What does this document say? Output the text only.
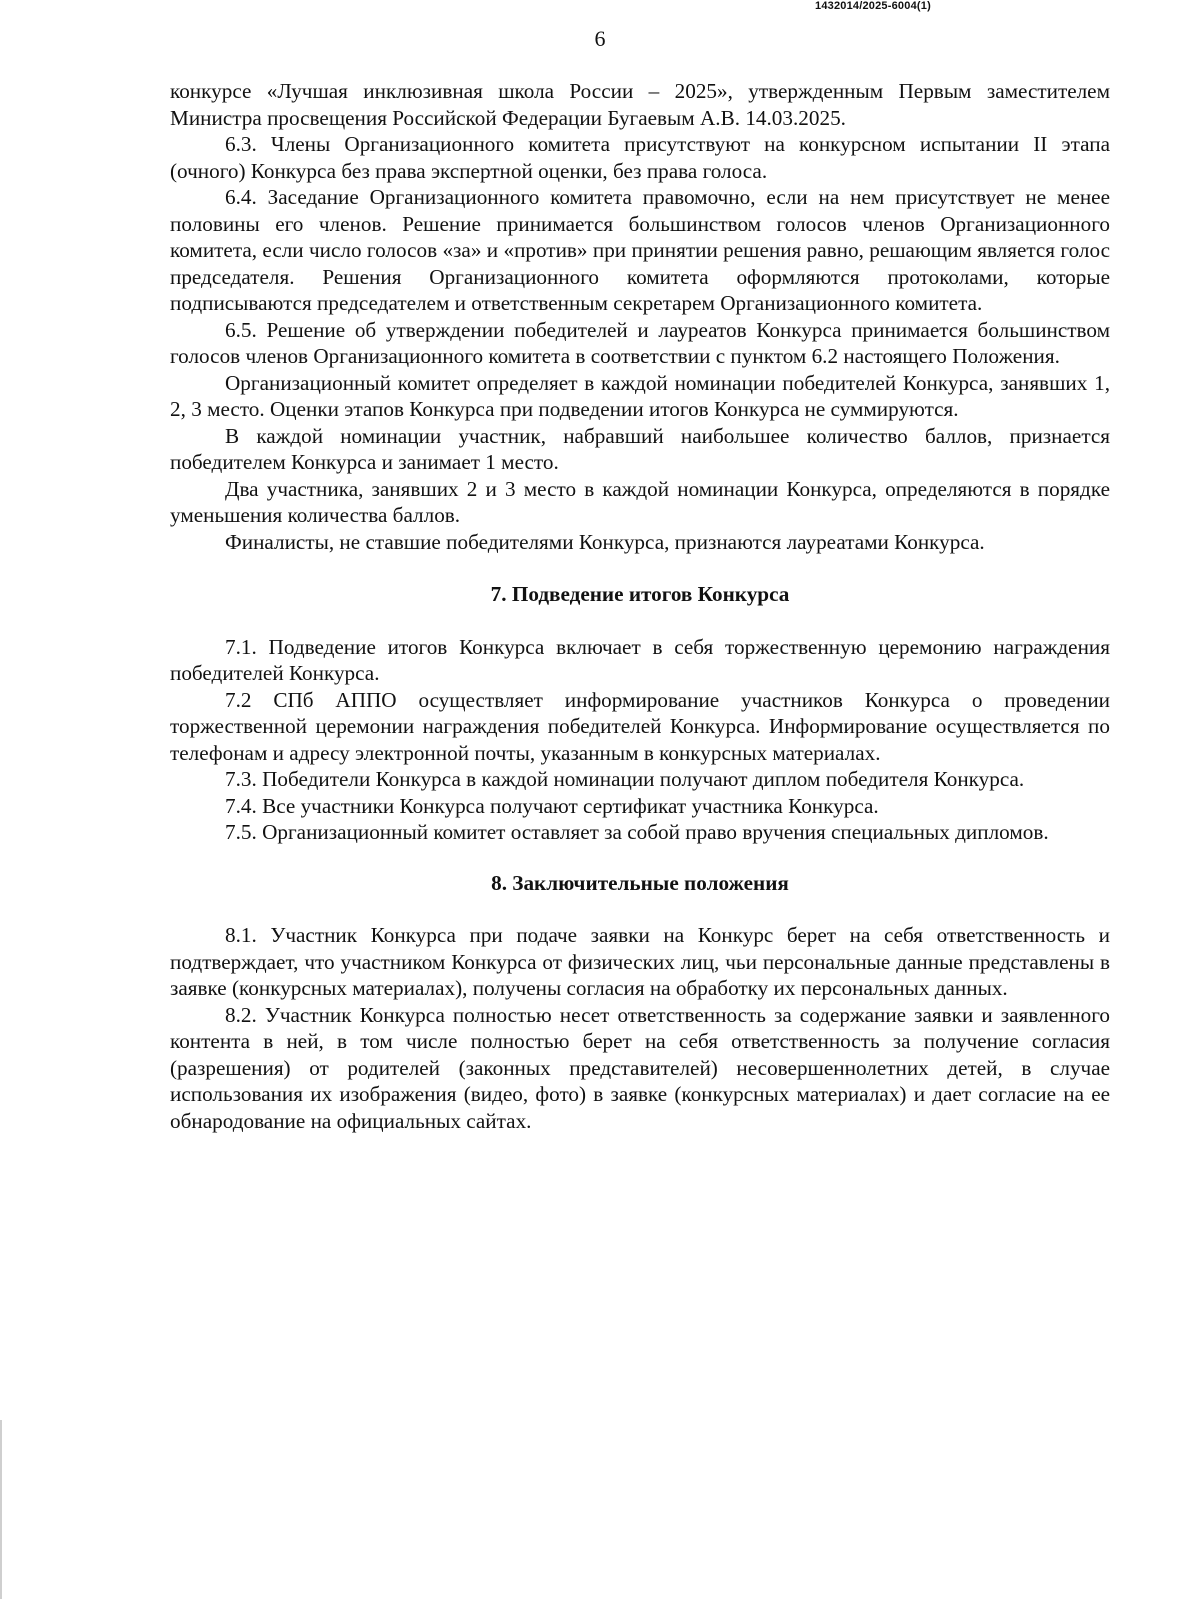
1432014/2025-6004(1)
6

конкурсе «Лучшая инклюзивная школа России – 2025», утвержденным Первым заместителем Министра просвещения Российской Федерации Бугаевым А.В. 14.03.2025.

6.3. Члены Организационного комитета присутствуют на конкурсном испытании II этапа (очного) Конкурса без права экспертной оценки, без права голоса.

6.4. Заседание Организационного комитета правомочно, если на нем присутствует не менее половины его членов. Решение принимается большинством голосов членов Организационного комитета, если число голосов «за» и «против» при принятии решения равно, решающим является голос председателя. Решения Организационного комитета оформляются протоколами, которые подписываются председателем и ответственным секретарем Организационного комитета.

6.5. Решение об утверждении победителей и лауреатов Конкурса принимается большинством голосов членов Организационного комитета в соответствии с пунктом 6.2 настоящего Положения.

Организационный комитет определяет в каждой номинации победителей Конкурса, занявших 1, 2, 3 место. Оценки этапов Конкурса при подведении итогов Конкурса не суммируются.

В каждой номинации участник, набравший наибольшее количество баллов, признается победителем Конкурса и занимает 1 место.

Два участника, занявших 2 и 3 место в каждой номинации Конкурса, определяются в порядке уменьшения количества баллов.

Финалисты, не ставшие победителями Конкурса, признаются лауреатами Конкурса.

7. Подведение итогов Конкурса

7.1. Подведение итогов Конкурса включает в себя торжественную церемонию награждения победителей Конкурса.

7.2 СПб АППО осуществляет информирование участников Конкурса о проведении торжественной церемонии награждения победителей Конкурса. Информирование осуществляется по телефонам и адресу электронной почты, указанным в конкурсных материалах.

7.3. Победители Конкурса в каждой номинации получают диплом победителя Конкурса.

7.4. Все участники Конкурса получают сертификат участника Конкурса.

7.5. Организационный комитет оставляет за собой право вручения специальных дипломов.

8. Заключительные положения

8.1. Участник Конкурса при подаче заявки на Конкурс берет на себя ответственность и подтверждает, что участником Конкурса от физических лиц, чьи персональные данные представлены в заявке (конкурсных материалах), получены согласия на обработку их персональных данных.

8.2. Участник Конкурса полностью несет ответственность за содержание заявки и заявленного контента в ней, в том числе полностью берет на себя ответственность за получение согласия (разрешения) от родителей (законных представителей) несовершеннолетних детей, в случае использования их изображения (видео, фото) в заявке (конкурсных материалах) и дает согласие на ее обнародование на официальных сайтах.
